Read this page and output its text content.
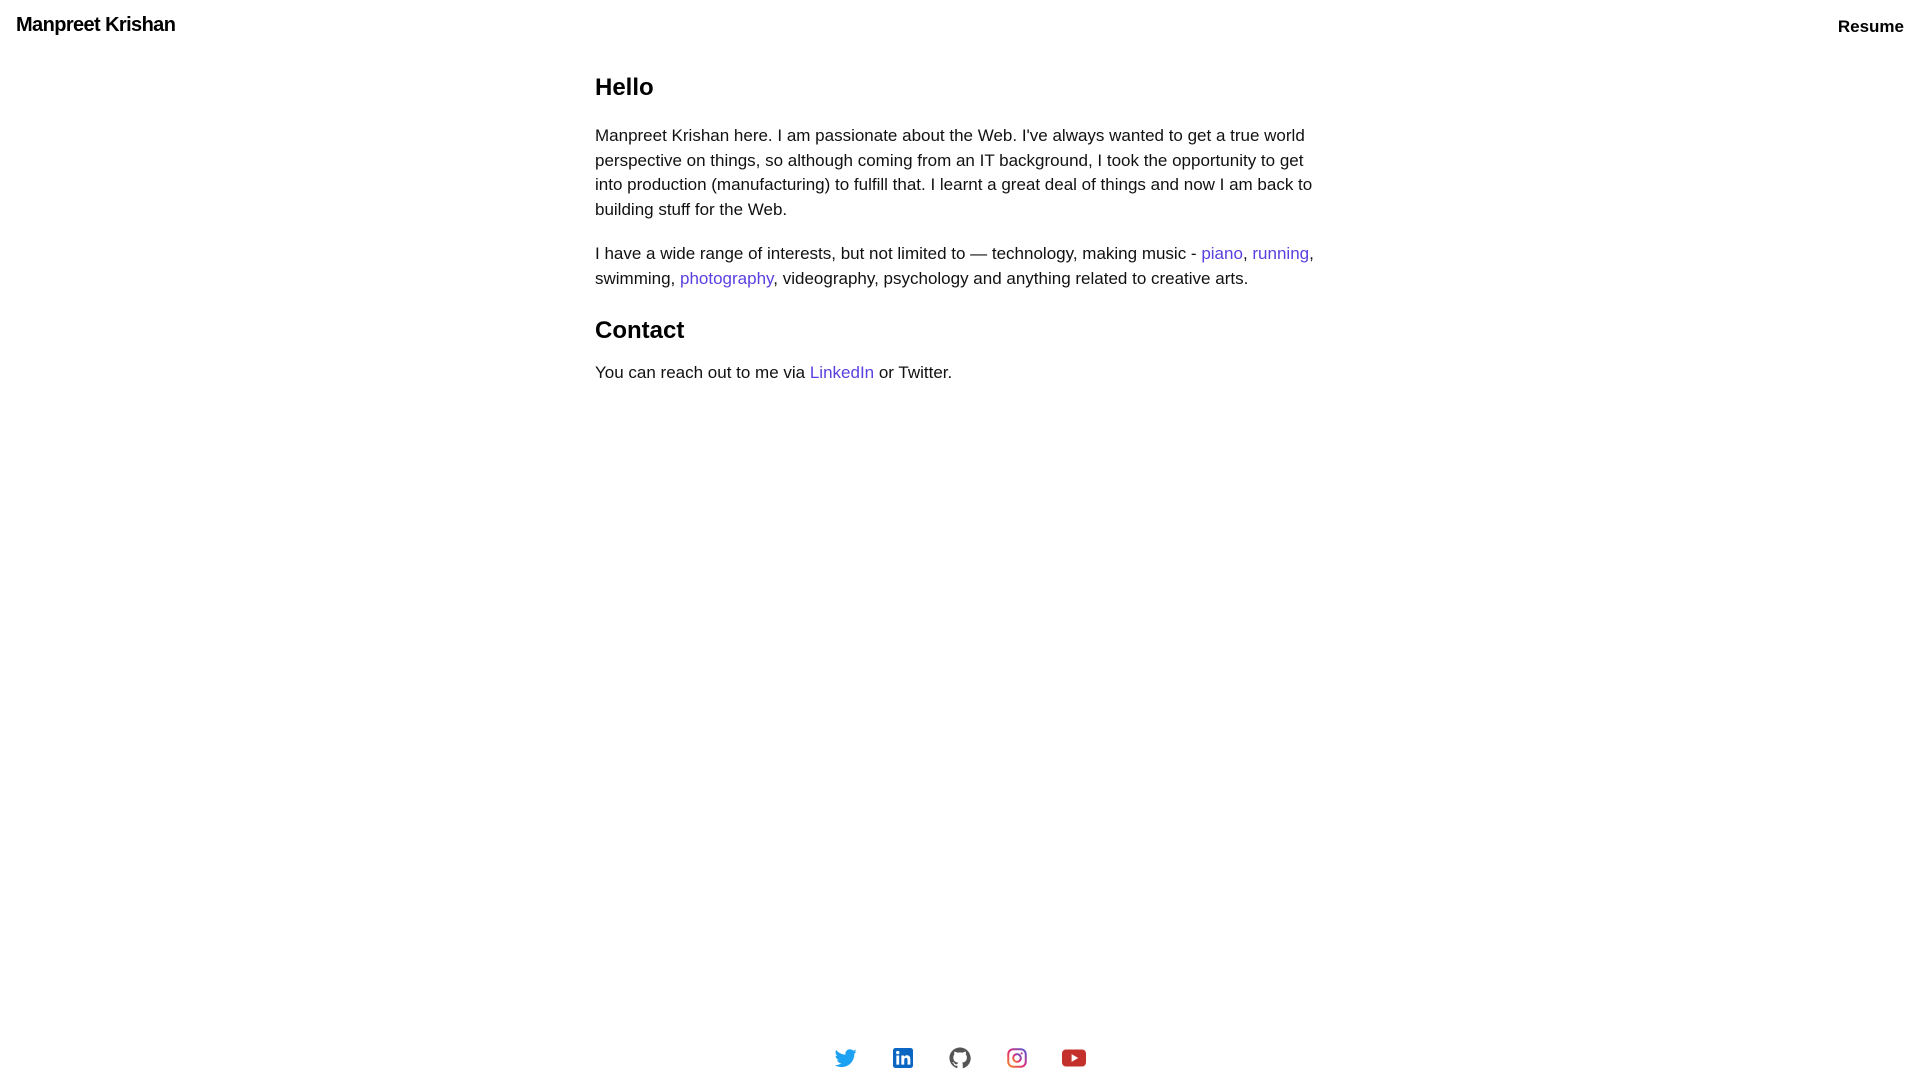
Manpreet Krishan	Resume
Hello

Manpreet Krishan here. I am passionate about the Web. I've always wanted to get a true world perspective on things, so although coming from an IT background, I took the opportunity to get into production (manufacturing) to fulfill that. I learnt a great deal of things and now I am back to building stuff for the Web.

I have a wide range of interests, but not limited to — technology, making music - piano, running, swimming, photography, videography, psychology and anything related to creative arts.

Contact

You can reach out to me via LinkedIn or Twitter.
